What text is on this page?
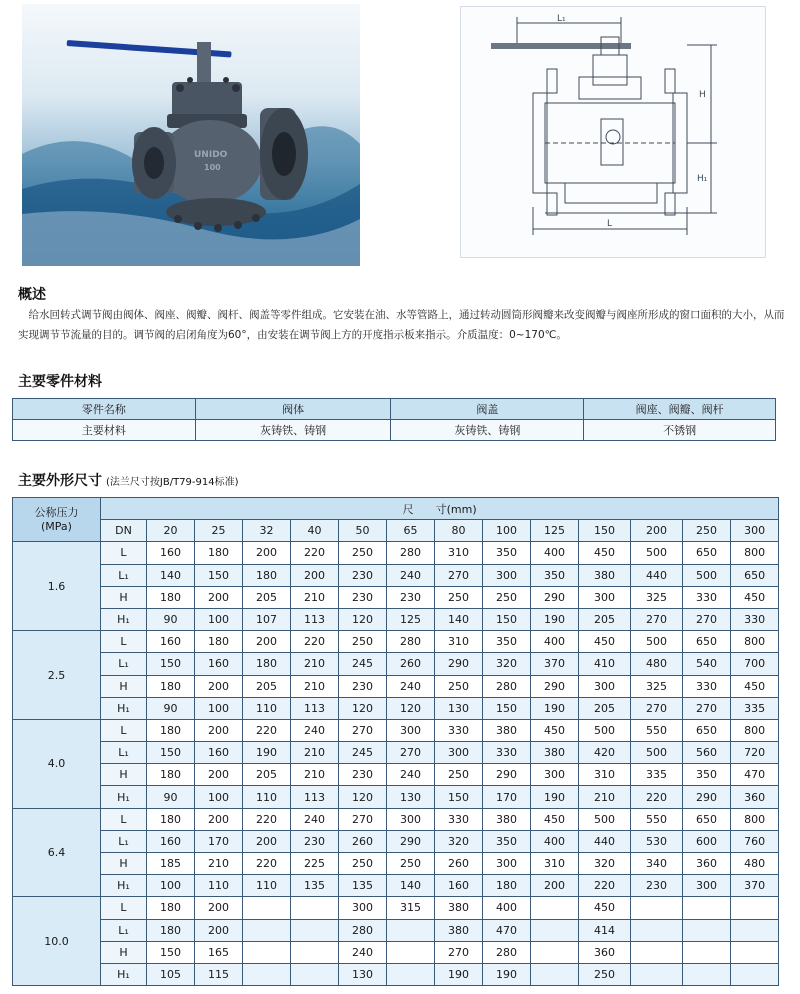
UNIDO
100
L₁
L
H
H₁
概述
给水回转式调节阀由阀体、阀座、阀瓣、阀杆、阀盖等零件组成。它安装在油、水等管路上，通过转动圆筒形阀瓣来改变阀瓣与阀座所形成的窗口面积的大小，从而实现调节节流量的目的。调节阀的启闭角度为60°，由安装在调节阀上方的开度指示板来指示。介质温度：0~170℃。
主要零件材料
零件名称	阀体	阀盖	阀座、阀瓣、阀杆
主要材料	灰铸铁、铸钢	灰铸铁、铸钢	不锈钢
主要外形尺寸 (法兰尺寸按JB/T79-914标准)
公称压力
(MPa)	尺　　寸(mm)													
	DN	20	25	32	40	50	65	80	100	125	150	200	250	300
1.6	L	160	180	200	220	250	280	310	350	400	450	500	650	800
	L₁	140	150	180	200	230	240	270	300	350	380	440	500	650
	H	180	200	205	210	230	230	250	250	290	300	325	330	450
	H₁	90	100	107	113	120	125	140	150	190	205	270	270	330
2.5	L	160	180	200	220	250	280	310	350	400	450	500	650	800
	L₁	150	160	180	210	245	260	290	320	370	410	480	540	700
	H	180	200	205	210	230	240	250	280	290	300	325	330	450
	H₁	90	100	110	113	120	120	130	150	190	205	270	270	335
4.0	L	180	200	220	240	270	300	330	380	450	500	550	650	800
	L₁	150	160	190	210	245	270	300	330	380	420	500	560	720
	H	180	200	205	210	230	240	250	290	300	310	335	350	470
	H₁	90	100	110	113	120	130	150	170	190	210	220	290	360
6.4	L	180	200	220	240	270	300	330	380	450	500	550	650	800
	L₁	160	170	200	230	260	290	320	350	400	440	530	600	760
	H	185	210	220	225	250	250	260	300	310	320	340	360	480
	H₁	100	110	110	135	135	140	160	180	200	220	230	300	370
10.0	L	180	200			300	315	380	400		450			
	L₁	180	200			280		380	470		414			
	H	150	165			240		270	280		360			
	H₁	105	115			130		190	190		250			
